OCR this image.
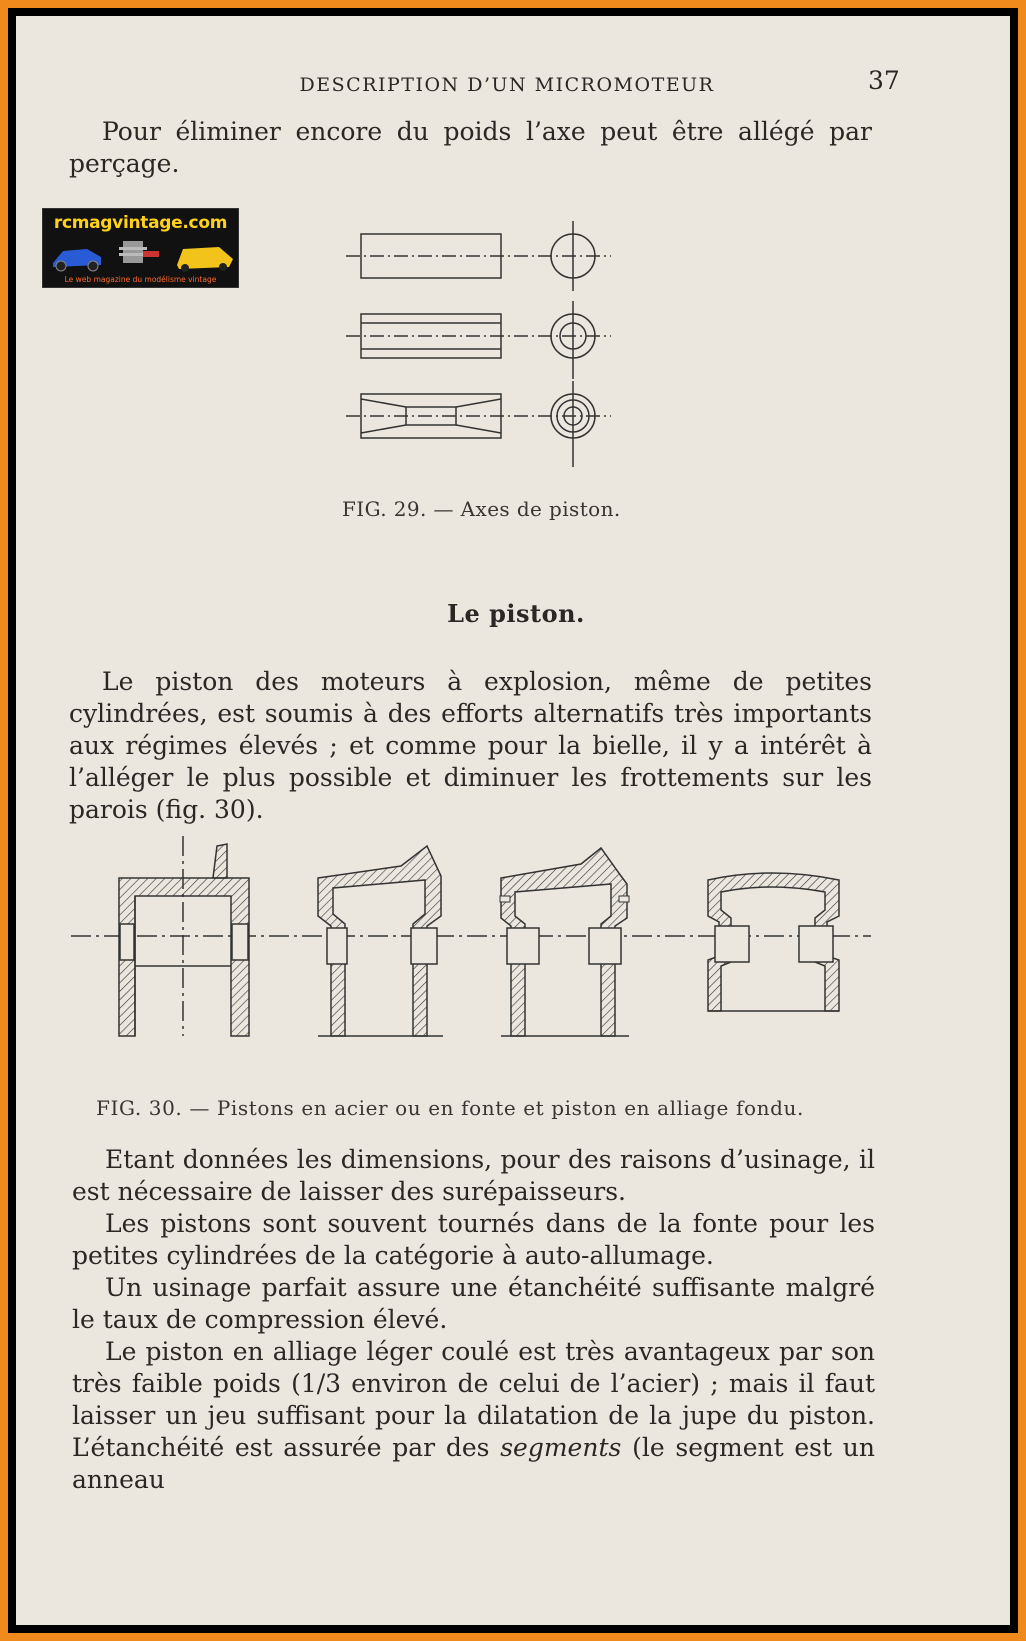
DESCRIPTION D’UN MICROMOTEUR	37
rcmagvintage.com
Le web magazine du modélisme vintage

Pour éliminer encore du poids l’axe peut être allégé par perçage.

FIG. 29. — Axes de piston.
Le piston.

Le piston des moteurs à explosion, même de petites cylindrées, est soumis à des efforts alternatifs très importants aux régimes élevés ; et comme pour la bielle, il y a intérêt à l’alléger le plus possible et diminuer les frottements sur les parois (fig. 30).

FIG. 30. — Pistons en acier ou en fonte et piston en alliage fondu.

Etant données les dimensions, pour des raisons d’usinage, il est nécessaire de laisser des surépaisseurs.

Les pistons sont souvent tournés dans de la fonte pour les petites cylindrées de la catégorie à auto-allumage.

Un usinage parfait assure une étanchéité suffisante malgré le taux de compression élevé.

Le piston en alliage léger coulé est très avantageux par son très faible poids (1/3 environ de celui de l’acier) ; mais il faut laisser un jeu suffisant pour la dilatation de la jupe du piston. L’étanchéité est assurée par des segments (le segment est un anneau
